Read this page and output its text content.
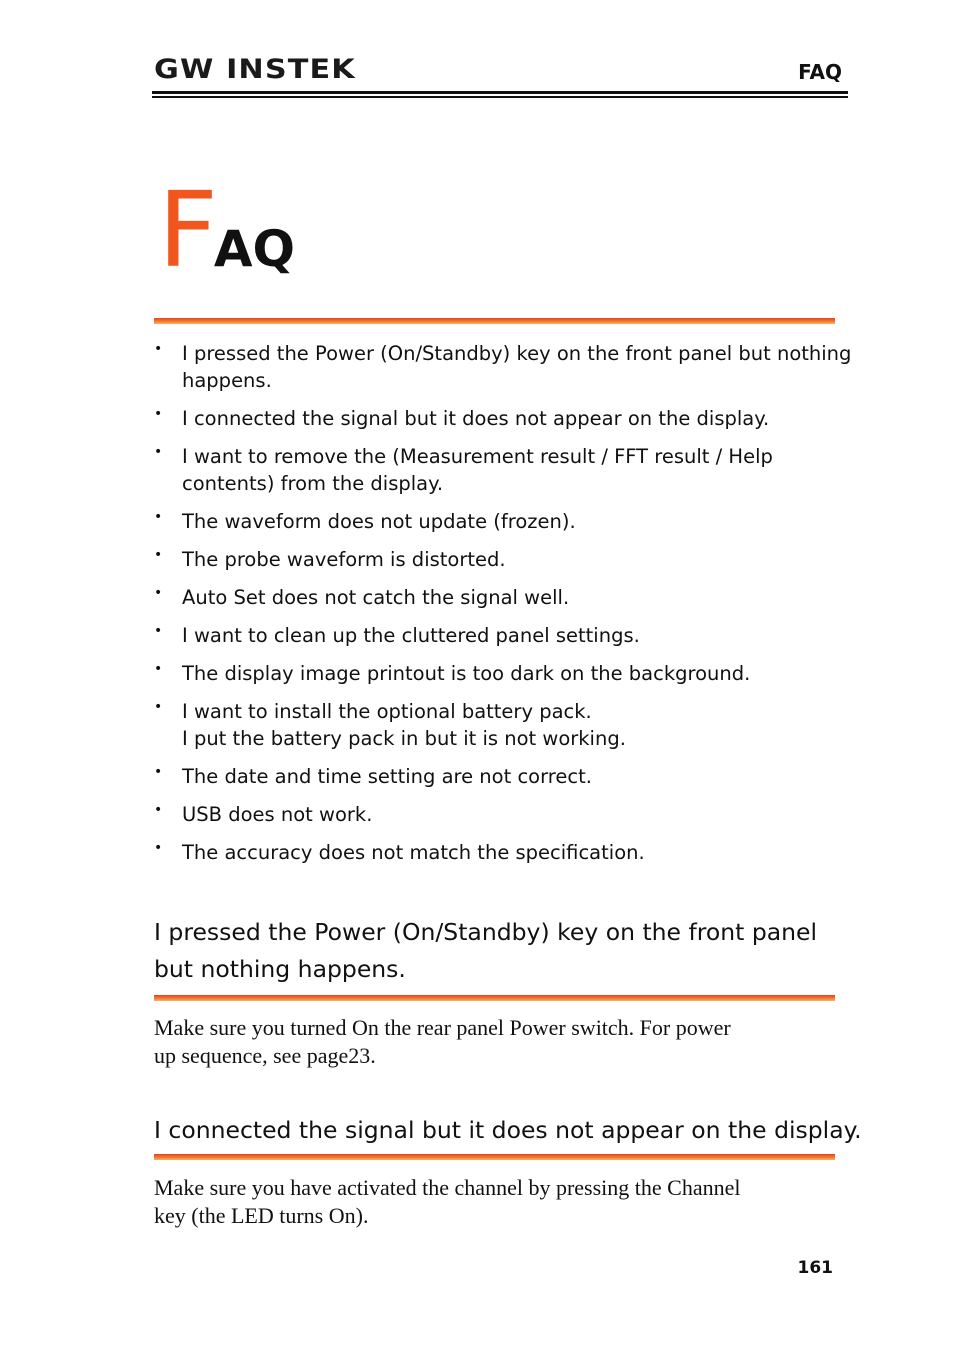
GW INSTEK	FAQ
FAQ
• I pressed the Power (On/Standby) key on the front panel but nothing
happens.
• I connected the signal but it does not appear on the display.
• I want to remove the (Measurement result / FFT result / Help
contents) from the display.
• The waveform does not update (frozen).
• The probe waveform is distorted.
• Auto Set does not catch the signal well.
• I want to clean up the cluttered panel settings.
• The display image printout is too dark on the background.
• I want to install the optional battery pack.
I put the battery pack in but it is not working.
• The date and time setting are not correct.
• USB does not work.
• The accuracy does not match the specification.
I pressed the Power (On/Standby) key on the front panel
but nothing happens.
Make sure you turned On the rear panel Power switch. For power
up sequence, see page23.
I connected the signal but it does not appear on the display.
Make sure you have activated the channel by pressing the Channel
key (the LED turns On).
161
